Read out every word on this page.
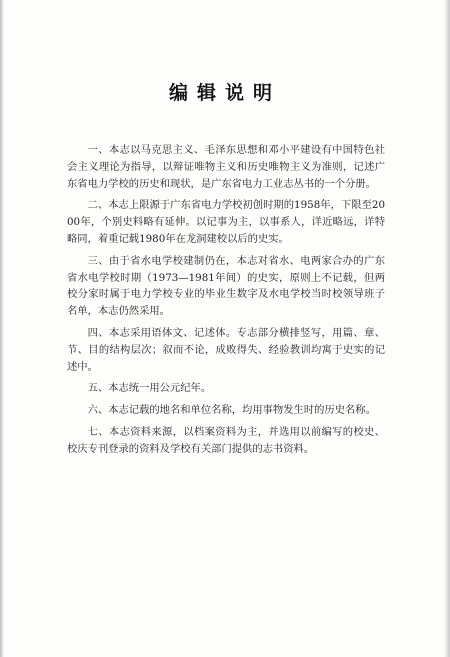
编辑说明

一、本志以马克思主义、毛泽东思想和邓小平建设有中国特色社会主义理论为指导，以辩证唯物主义和历史唯物主义为准则，记述广东省电力学校的历史和现状，是广东省电力工业志丛书的一个分册。

二、本志上限源于广东省电力学校初创时期的1958年，下限至2000年，个别史料略有延伸。以记事为主，以事系人，详近略远，详特略同，着重记载1980年在龙洞建校以后的史实。

三、由于省水电学校建制仍在，本志对省水、电两家合办的广东省水电学校时期（1973—1981年间）的史实，原则上不记载，但两校分家时属于电力学校专业的毕业生数字及水电学校当时校领导班子名单，本志仍然采用。

四、本志采用语体文、记述体。专志部分横排竖写，用篇、章、节、目的结构层次；叙而不论，成败得失、经验教训均寓于史实的记述中。

五、本志统一用公元纪年。

六、本志记载的地名和单位名称，均用事物发生时的历史名称。

七、本志资料来源，以档案资料为主，并选用以前编写的校史、校庆专刊登录的资料及学校有关部门提供的志书资料。
